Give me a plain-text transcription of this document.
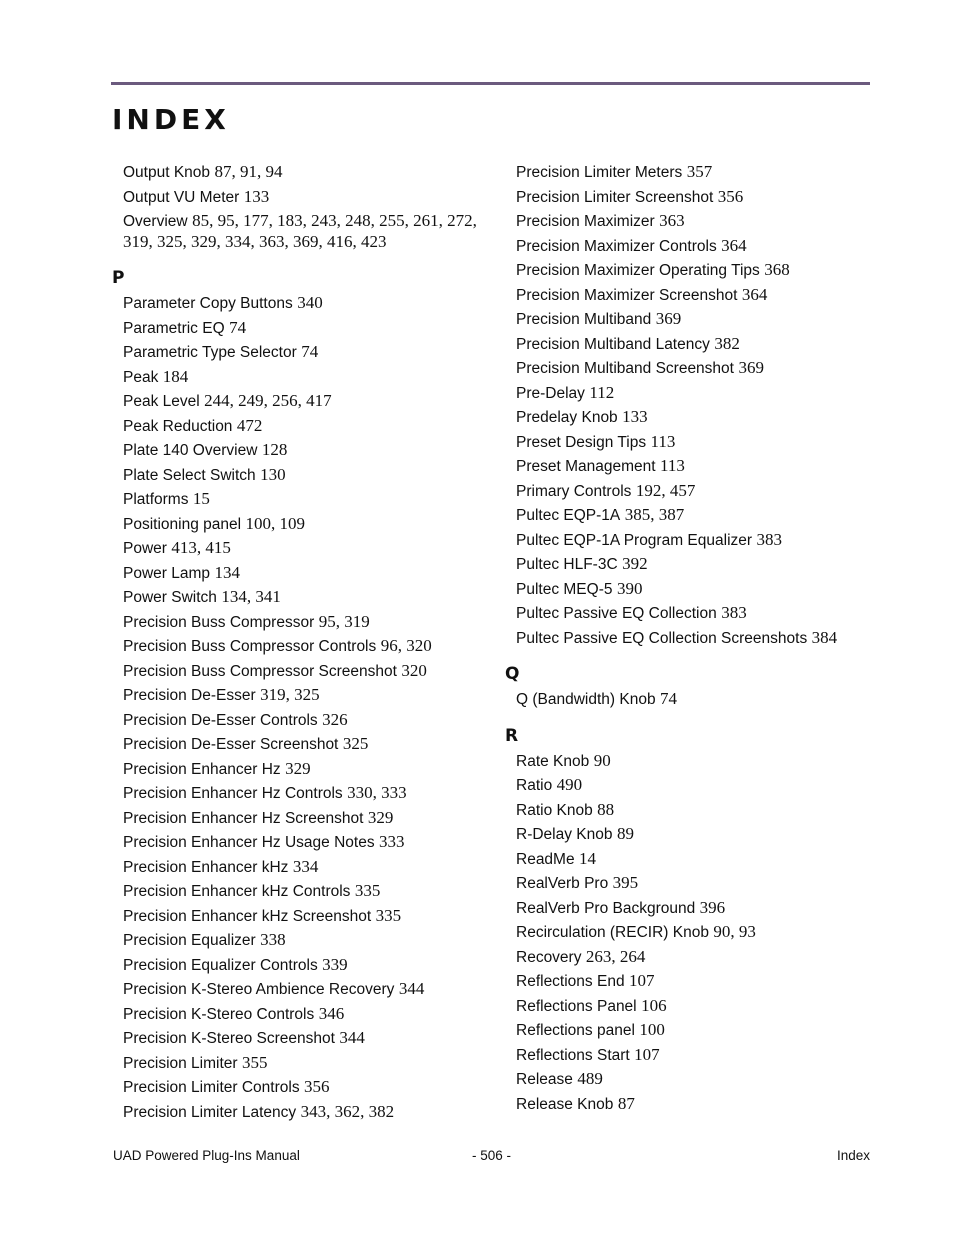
INDEX
Output Knob 87, 91, 94
Output VU Meter 133
Overview 85, 95, 177, 183, 243, 248, 255, 261, 272, 319, 325, 329, 334, 363, 369, 416, 423
P
Parameter Copy Buttons 340
Parametric EQ 74
Parametric Type Selector 74
Peak 184
Peak Level 244, 249, 256, 417
Peak Reduction 472
Plate 140 Overview 128
Plate Select Switch 130
Platforms 15
Positioning panel 100, 109
Power 413, 415
Power Lamp 134
Power Switch 134, 341
Precision Buss Compressor 95, 319
Precision Buss Compressor Controls 96, 320
Precision Buss Compressor Screenshot 320
Precision De-Esser 319, 325
Precision De-Esser Controls 326
Precision De-Esser Screenshot 325
Precision Enhancer Hz 329
Precision Enhancer Hz Controls 330, 333
Precision Enhancer Hz Screenshot 329
Precision Enhancer Hz Usage Notes 333
Precision Enhancer kHz 334
Precision Enhancer kHz Controls 335
Precision Enhancer kHz Screenshot 335
Precision Equalizer 338
Precision Equalizer Controls 339
Precision K-Stereo Ambience Recovery 344
Precision K-Stereo Controls 346
Precision K-Stereo Screenshot 344
Precision Limiter 355
Precision Limiter Controls 356
Precision Limiter Latency 343, 362, 382
Precision Limiter Meters 357
Precision Limiter Screenshot 356
Precision Maximizer 363
Precision Maximizer Controls 364
Precision Maximizer Operating Tips 368
Precision Maximizer Screenshot 364
Precision Multiband 369
Precision Multiband Latency 382
Precision Multiband Screenshot 369
Pre-Delay 112
Predelay Knob 133
Preset Design Tips 113
Preset Management 113
Primary Controls 192, 457
Pultec EQP-1A 385, 387
Pultec EQP-1A Program Equalizer 383
Pultec HLF-3C 392
Pultec MEQ-5 390
Pultec Passive EQ Collection 383
Pultec Passive EQ Collection Screenshots 384
Q
Q (Bandwidth) Knob 74
R
Rate Knob 90
Ratio 490
Ratio Knob 88
R-Delay Knob 89
ReadMe 14
RealVerb Pro 395
RealVerb Pro Background 396
Recirculation (RECIR) Knob 90, 93
Recovery 263, 264
Reflections End 107
Reflections Panel 106
Reflections panel 100
Reflections Start 107
Release 489
Release Knob 87
UAD Powered Plug-Ins Manual	- 506 -	Index
